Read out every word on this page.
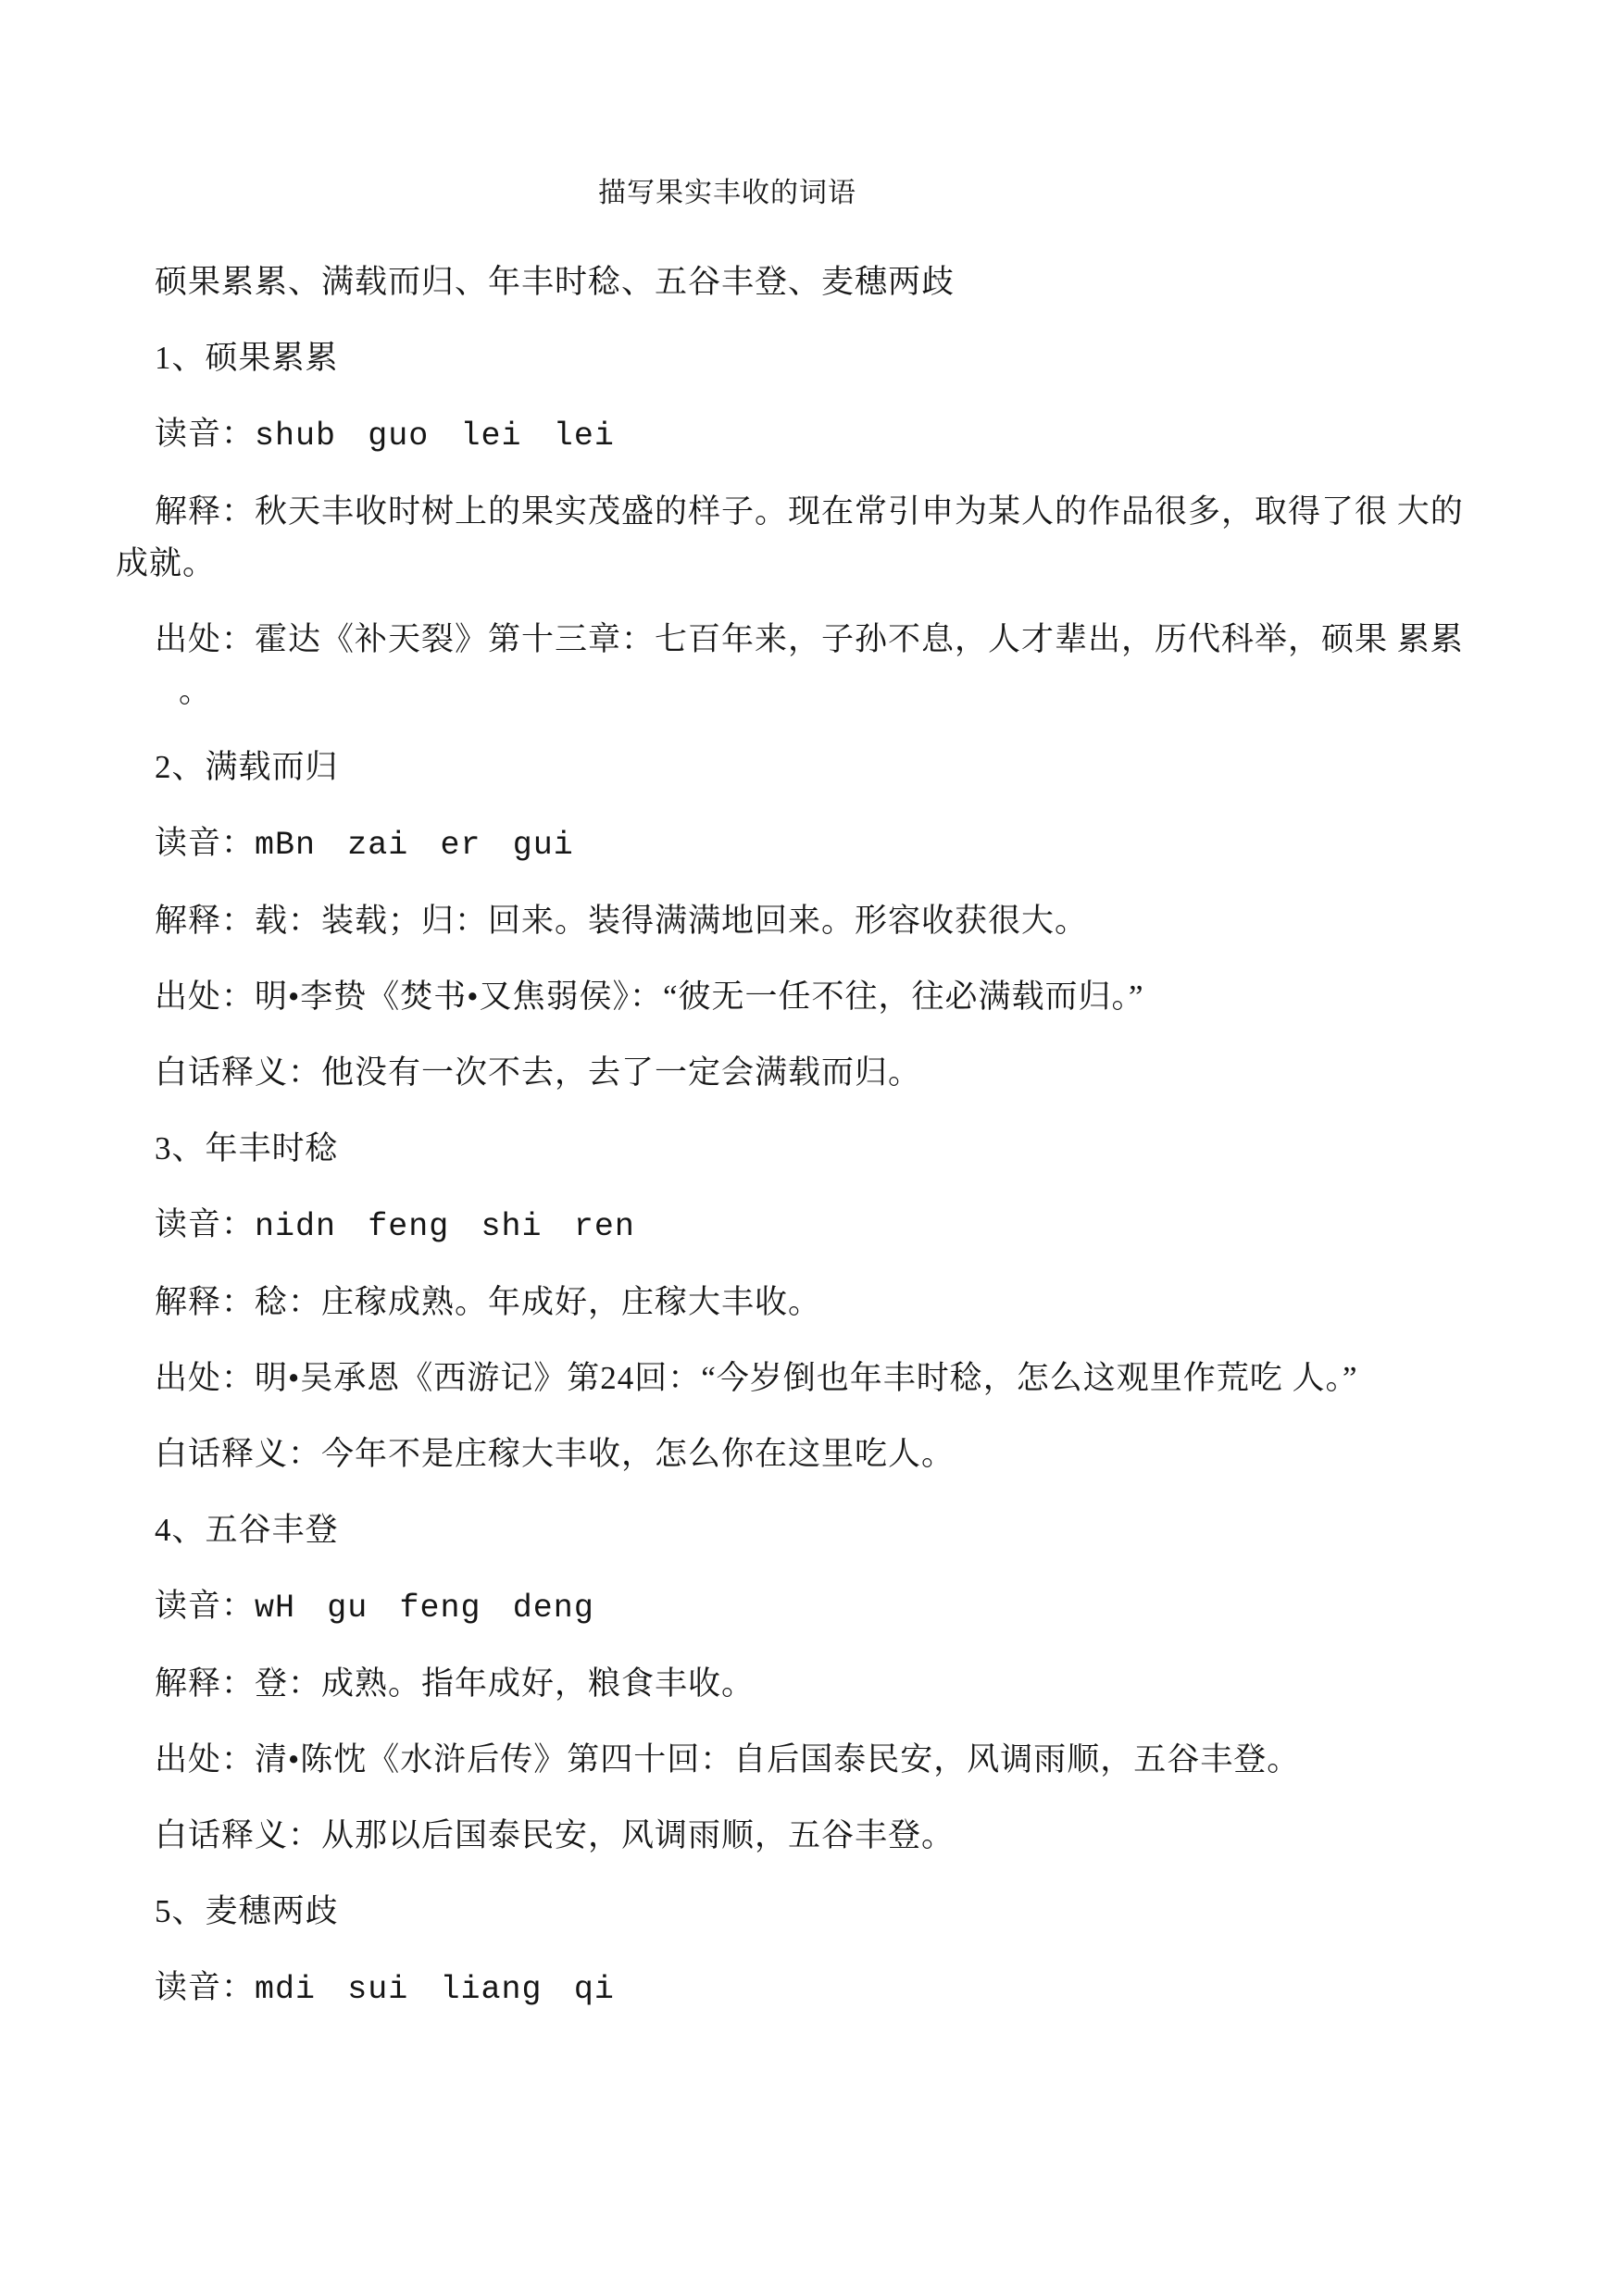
描写果实丰收的词语
硕果累累、满载而归、年丰时稔、五谷丰登、麦穗两歧
1、硕果累累
读音：shub guo lei lei
解释：秋天丰收时树上的果实茂盛的样子。现在常引申为某人的作品很多，取得了很 大的
成就。
出处：霍达《补天裂》第十三章：七百年来，子孙不息，人才辈出，历代科举，硕果 累累
。
2、满载而归
读音：mBn zai er gui
解释：载：装载；归：回来。装得满满地回来。形容收获很大。
出处：明•李贽《焚书•又焦弱侯》：“彼无一任不往，往必满载而归。”
白话释义：他没有一次不去，去了一定会满载而归。
3、年丰时稔
读音：nidn feng shi ren
解释：稔：庄稼成熟。年成好，庄稼大丰收。
出处：明•吴承恩《西游记》第24回：“今岁倒也年丰时稔，怎么这观里作荒吃 人。”
白话释义：今年不是庄稼大丰收，怎么你在这里吃人。
4、五谷丰登
读音：wH gu feng deng
解释：登：成熟。指年成好，粮食丰收。
出处：清•陈忱《水浒后传》第四十回：自后国泰民安，风调雨顺，五谷丰登。
白话释义：从那以后国泰民安，风调雨顺，五谷丰登。
5、麦穗两歧
读音：mdi sui liang qi
